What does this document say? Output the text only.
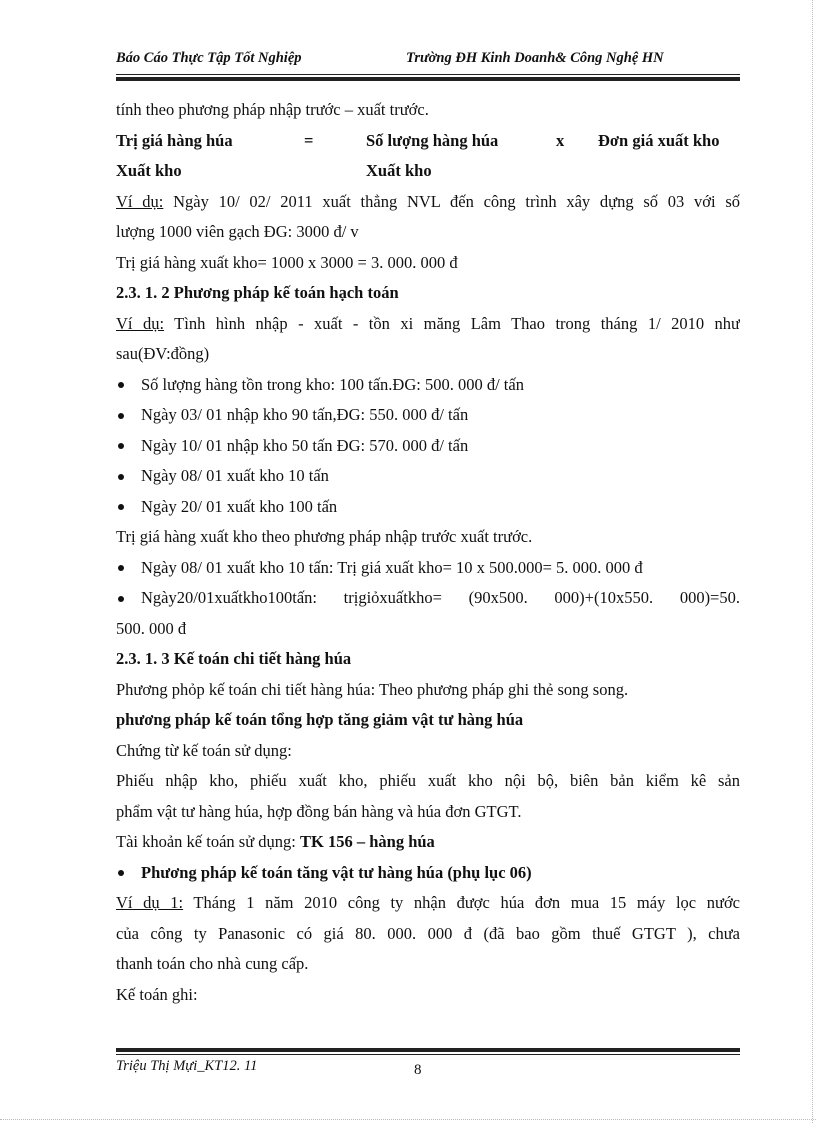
Báo Cáo Thực Tập Tốt Nghiệp	Trường ĐH Kinh Doanh& Công Nghệ HN
tính theo phương pháp nhập trước – xuất trước.
Trị giá hàng húa	=	Số lượng hàng húa	x	Đơn giá xuất kho
Xuất kho	Xuất kho
Ví dụ: Ngày 10/ 02/ 2011 xuất thẳng NVL đến công trình xây dựng số 03 với số
lượng 1000 viên gạch ĐG: 3000 đ/ v
Trị giá hàng xuất kho= 1000 x 3000 = 3. 000. 000 đ
2.3. 1. 2 Phương pháp kế toán hạch toán
Ví dụ: Tình hình nhập - xuất - tồn xi măng Lâm Thao trong tháng 1/ 2010 như
sau(ĐV:đồng)
Số lượng hàng tồn trong kho: 100 tấn.ĐG: 500. 000 đ/ tấn
Ngày 03/ 01 nhập kho 90 tấn,ĐG: 550. 000 đ/ tấn
Ngày 10/ 01 nhập kho 50 tấn ĐG: 570. 000 đ/ tấn
Ngày 08/ 01 xuất kho 10 tấn
Ngày 20/ 01 xuất kho 100 tấn
Trị giá hàng xuất kho theo phương pháp nhập trước xuất trước.
Ngày 08/ 01 xuất kho 10 tấn: Trị giá xuất kho= 10 x 500.000= 5. 000. 000 đ
Ngày20/01xuấtkho100tấn: trịgiỏxuấtkho= (90x500. 000)+(10x550. 000)=50.
500. 000 đ
2.3. 1. 3 Kế toán chi tiết hàng húa
Phương phỏp kế toán chi tiết hàng húa: Theo phương pháp ghi thẻ song song.
phương pháp kế toán tổng hợp tăng giảm vật tư hàng húa
Chứng từ kế toán sử dụng:
Phiếu nhập kho, phiếu xuất kho, phiếu xuất kho nội bộ, biên bản kiểm kê sản
phẩm vật tư hàng húa, hợp đồng bán hàng và húa đơn GTGT.
Tài khoản kế toán sử dụng: TK 156 – hàng húa
Phương pháp kế toán tăng vật tư hàng húa (phụ lục 06)
Ví dụ 1: Tháng 1 năm 2010 công ty nhận được húa đơn mua 15 máy lọc nước
của công ty Panasonic có giá 80. 000. 000 đ (đã bao gồm thuế GTGT ), chưa
thanh toán cho nhà cung cấp.
Kế toán ghi:
Triệu Thị Mựi_KT12. 11	8
